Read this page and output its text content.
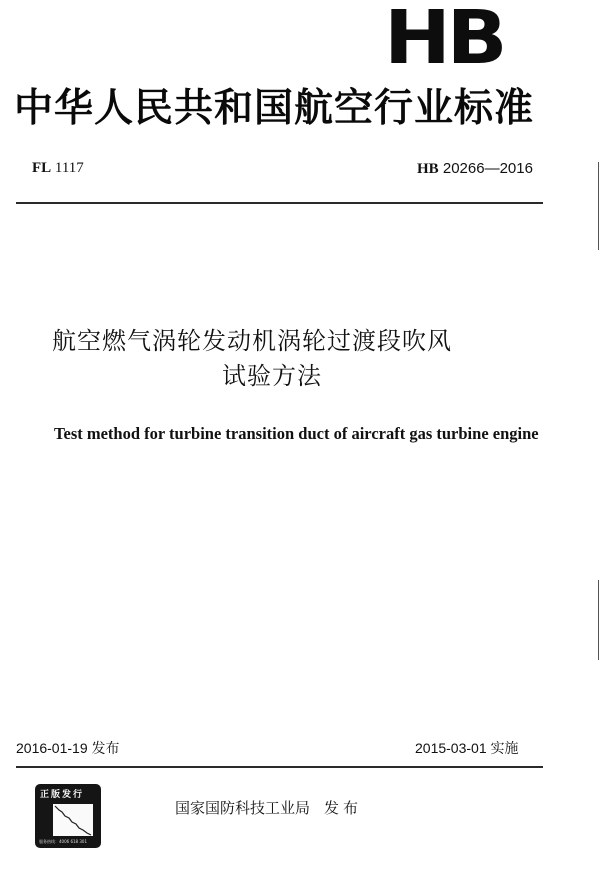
HB
中华人民共和国航空行业标准
FL 1117	HB 20266—2016
航空燃气涡轮发动机涡轮过渡段吹风
试验方法
Test method for turbine transition duct of aircraft gas turbine engine
2016-01-19 发布	2015-03-01 实施
正版发行
服务热线：4006 618 301
国家国防科技工业局 发布
